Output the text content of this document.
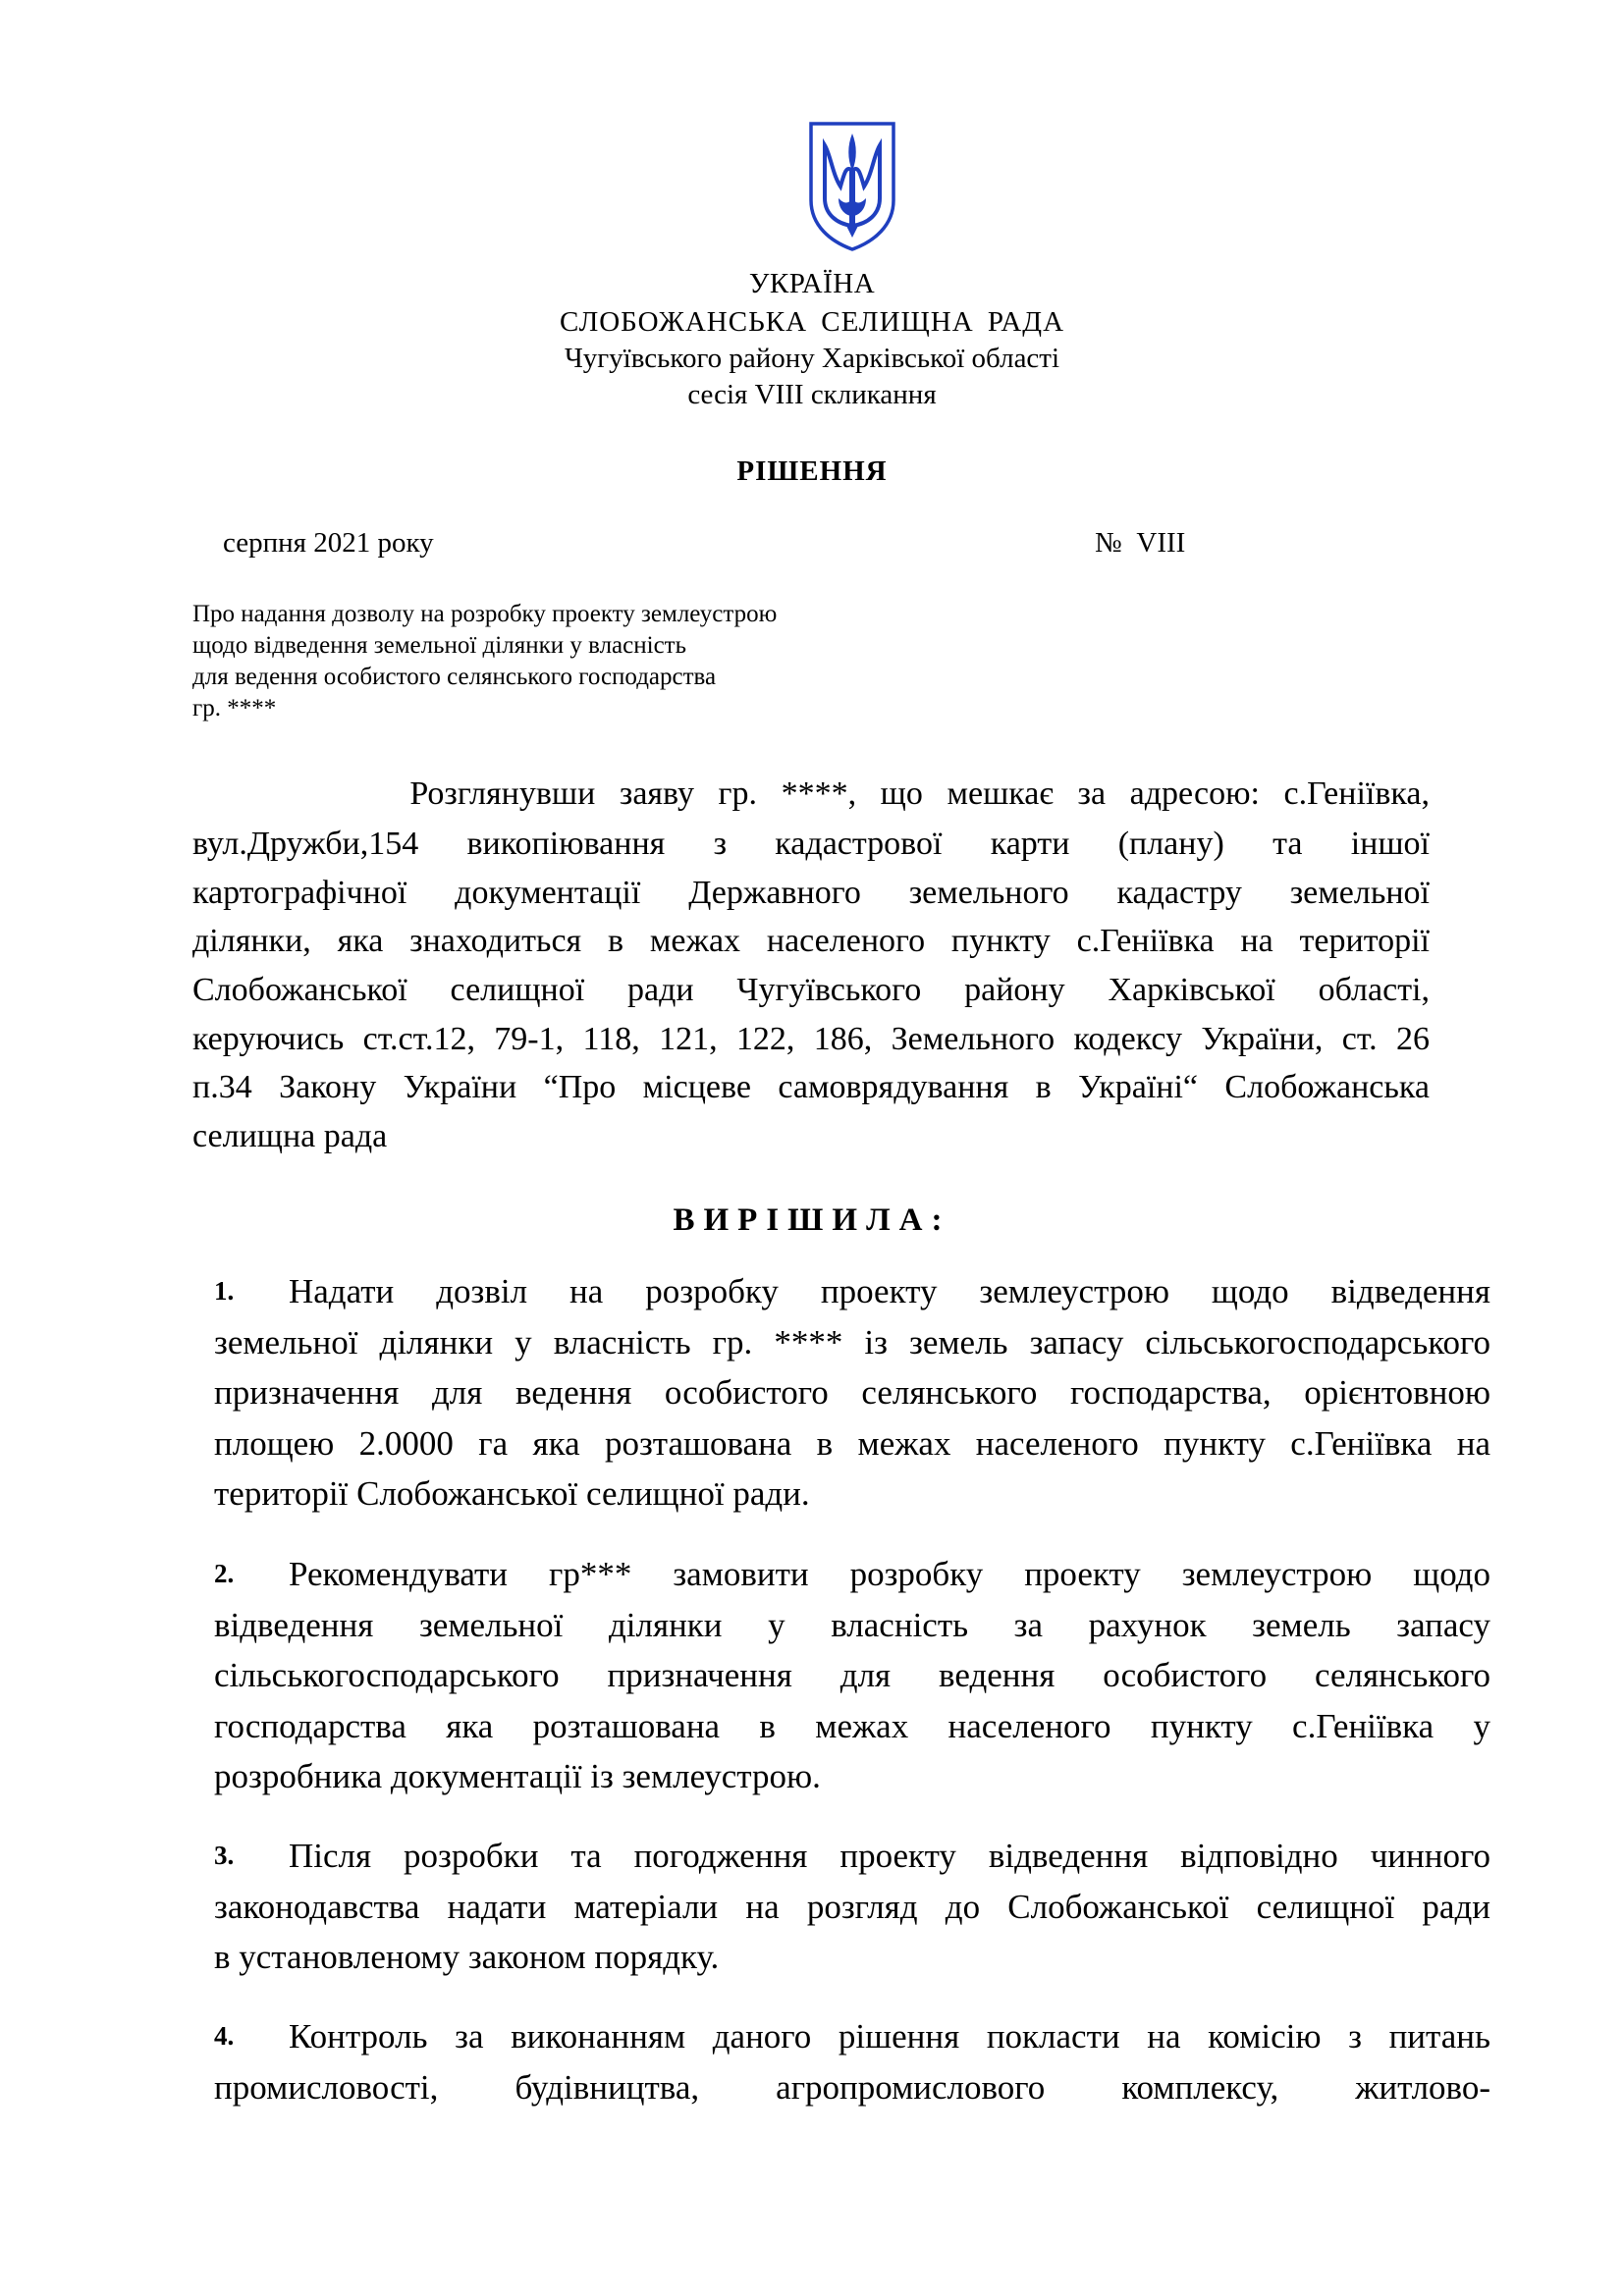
УКРАЇНА
СЛОБОЖАНСЬКА СЕЛИЩНА РАДА
Чугуївського району Харківської області
сесія VIII скликання
РІШЕННЯ
серпня 2021 року	№ VIII
Про надання дозволу на розробку проекту землеустрою
щодо відведення земельної ділянки у власність
для ведення особистого селянського господарства
гр. ****
Розглянувши заяву гр. ****, що мешкає за адресою: с.Геніївка,
вул.Дружби,154 викопіювання з кадастрової карти (плану) та іншої
картографічної документації Державного земельного кадастру земельної
ділянки, яка знаходиться в межах населеного пункту с.Геніївка на території
Слобожанської селищної ради Чугуївського району Харківської області,
керуючись ст.ст.12, 79-1, 118, 121, 122, 186, Земельного кодексу України, ст. 26
п.34 Закону України “Про місцеве самоврядування в Україні“ Слобожанська
селищна рада
ВИРІШИЛА:
1.	Надати дозвіл на розробку проекту землеустрою щодо відведення
земельної ділянки у власність гр. **** із земель запасу сільськогосподарського
призначення для ведення особистого селянського господарства, орієнтовною
площею 2.0000 га яка розташована в межах населеного пункту с.Геніївка на
території Слобожанської селищної ради.
2.	Рекомендувати гр*** замовити розробку проекту землеустрою щодо
відведення земельної ділянки у власність за рахунок земель запасу
сільськогосподарського призначення для ведення особистого селянського
господарства яка розташована в межах населеного пункту с.Геніївка у
розробника документації із землеустрою.
3.	Після розробки та погодження проекту відведення відповідно чинного
законодавства надати матеріали на розгляд до Слобожанської селищної ради
в установленому законом порядку.
4.	Контроль за виконанням даного рішення покласти на комісію з питань
промисловості, будівництва, агропромислового комплексу, житлово-
